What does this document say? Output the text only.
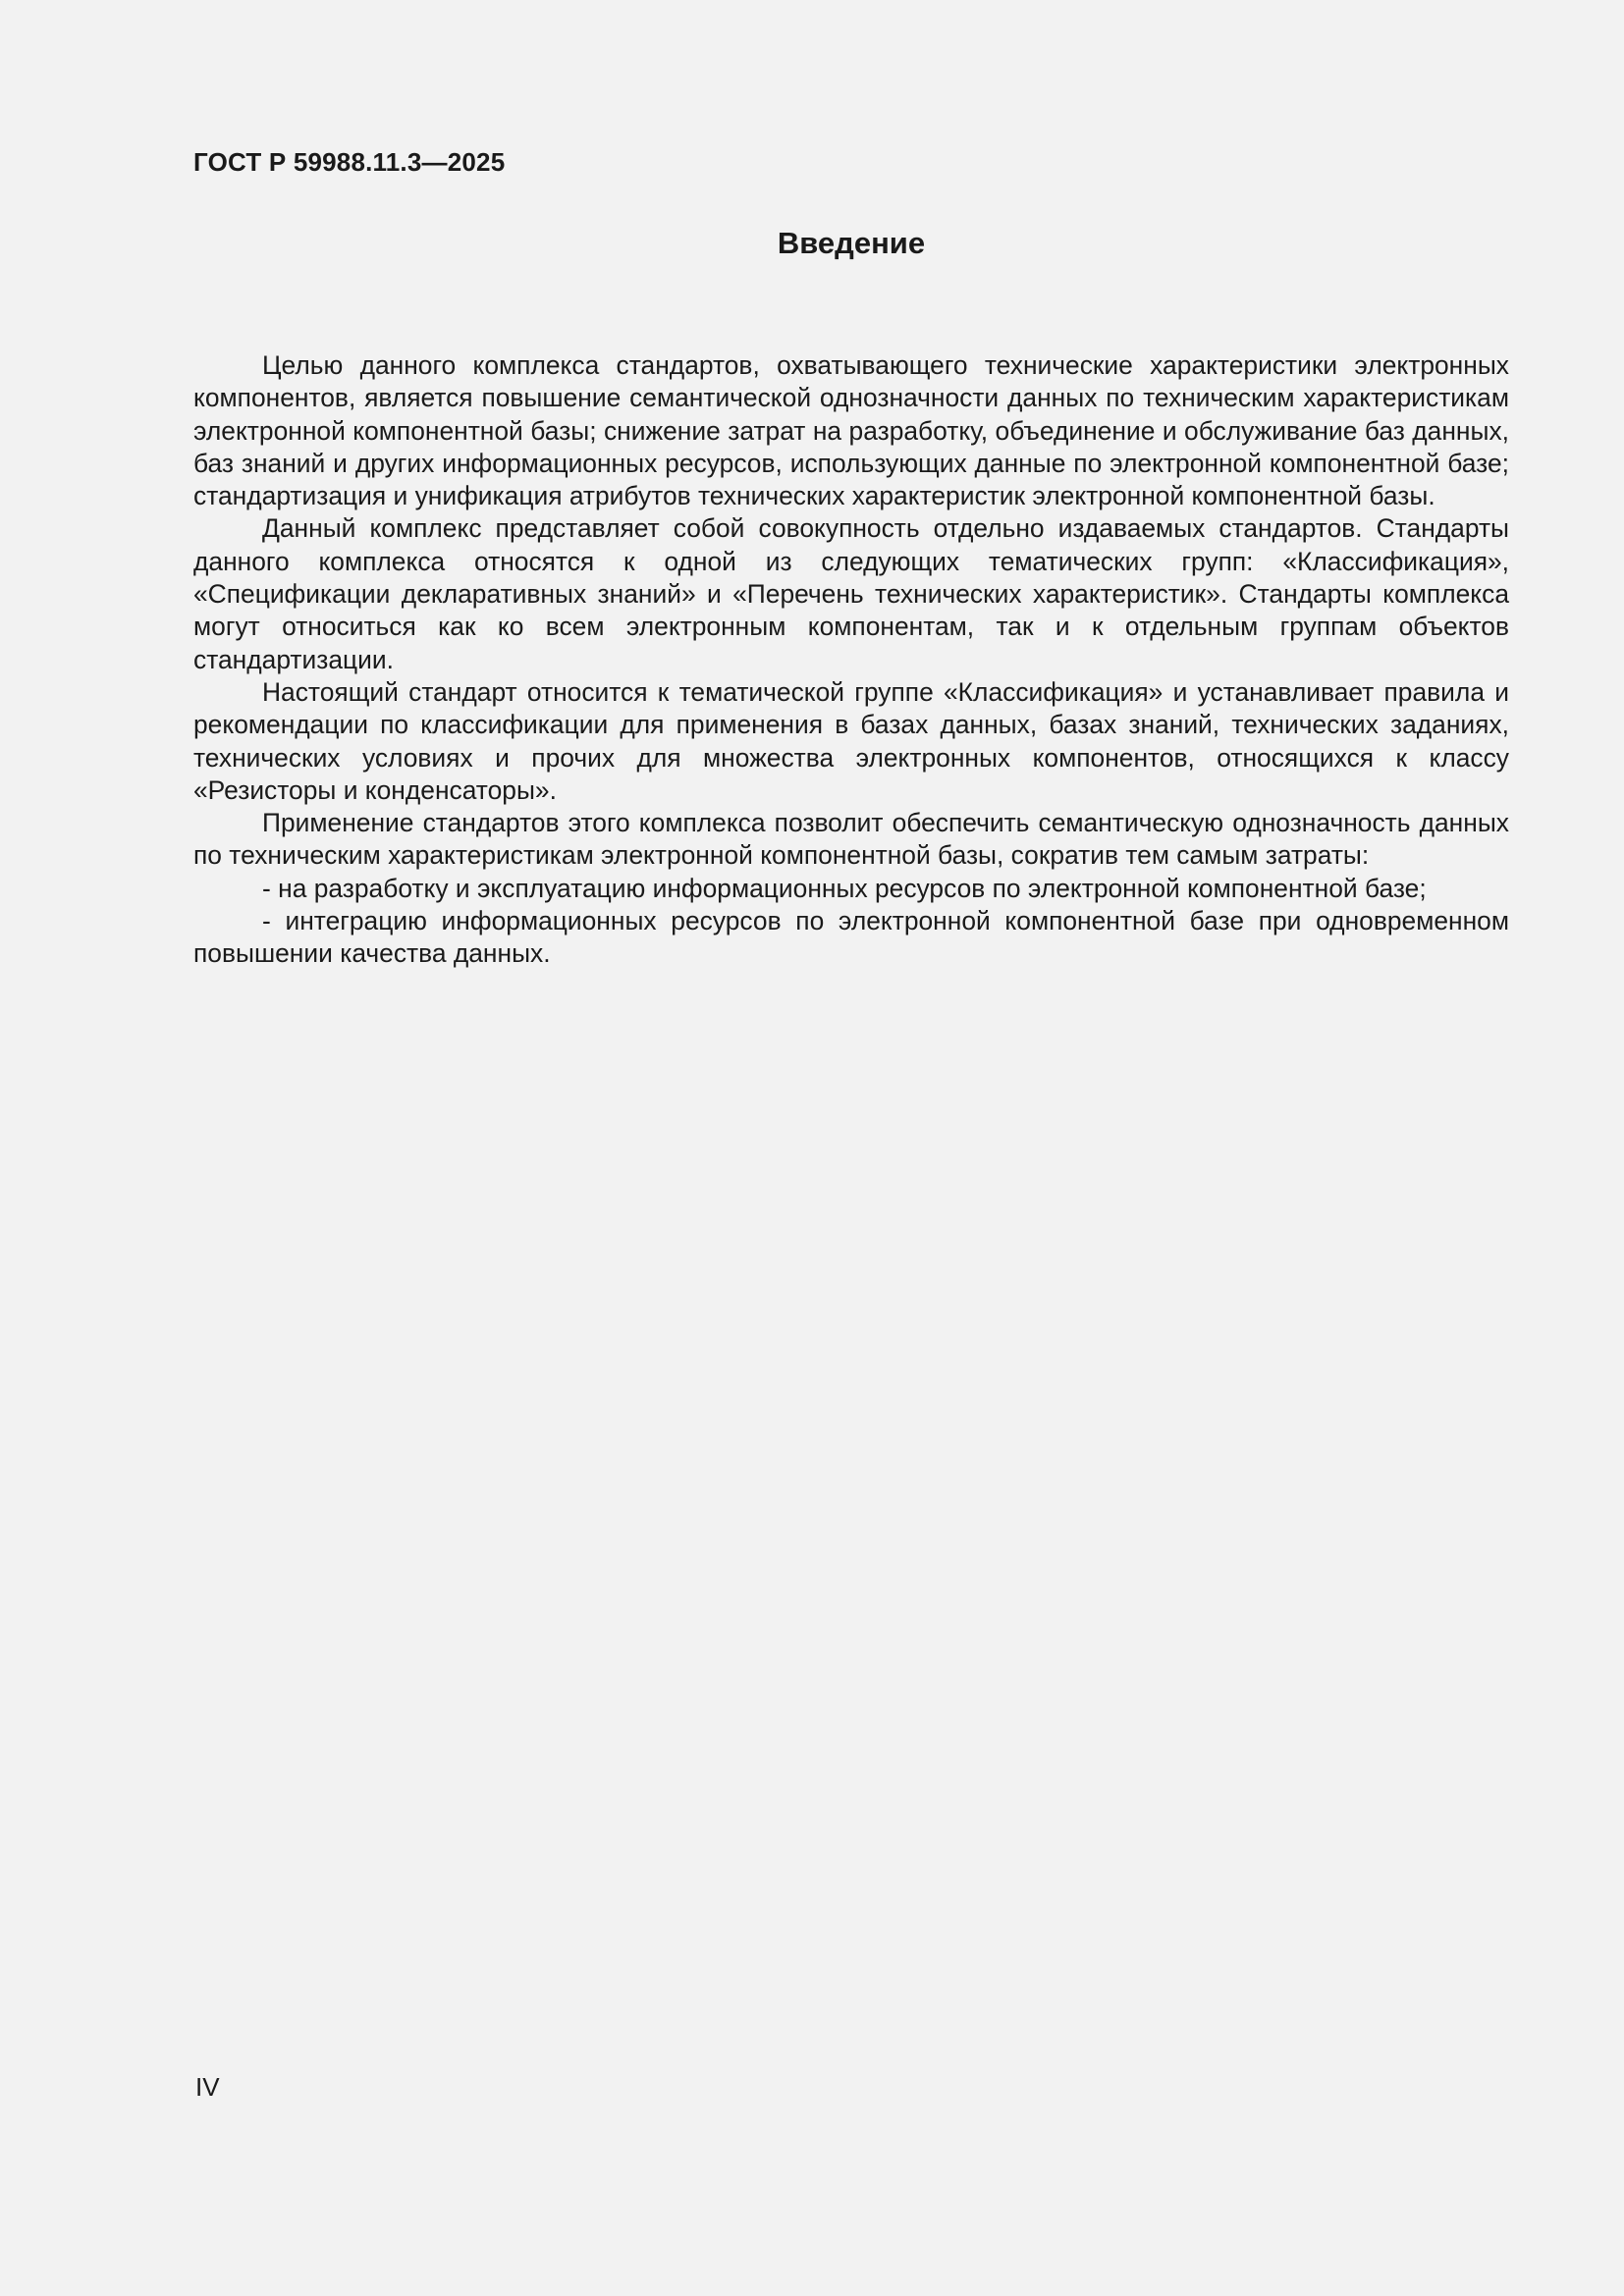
ГОСТ Р 59988.11.3—2025
Введение

Целью данного комплекса стандартов, охватывающего технические характеристики электронных компонентов, является повышение семантической однозначности данных по техническим характеристикам электронной компонентной базы; снижение затрат на разработку, объединение и обслуживание баз данных, баз знаний и других информационных ресурсов, использующих данные по электронной компонентной базе; стандартизация и унификация атрибутов технических характеристик электронной компонентной базы.

Данный комплекс представляет собой совокупность отдельно издаваемых стандартов. Стандарты данного комплекса относятся к одной из следующих тематических групп: «Классификация», «Спецификации декларативных знаний» и «Перечень технических характеристик». Стандарты комплекса могут относиться как ко всем электронным компонентам, так и к отдельным группам объектов стандартизации.

Настоящий стандарт относится к тематической группе «Классификация» и устанавливает правила и рекомендации по классификации для применения в базах данных, базах знаний, технических заданиях, технических условиях и прочих для множества электронных компонентов, относящихся к классу «Резисторы и конденсаторы».

Применение стандартов этого комплекса позволит обеспечить семантическую однозначность данных по техническим характеристикам электронной компонентной базы, сократив тем самым затраты:

- на разработку и эксплуатацию информационных ресурсов по электронной компонентной базе;

- интеграцию информационных ресурсов по электронной компонентной базе при одновременном повышении качества данных.

IV
